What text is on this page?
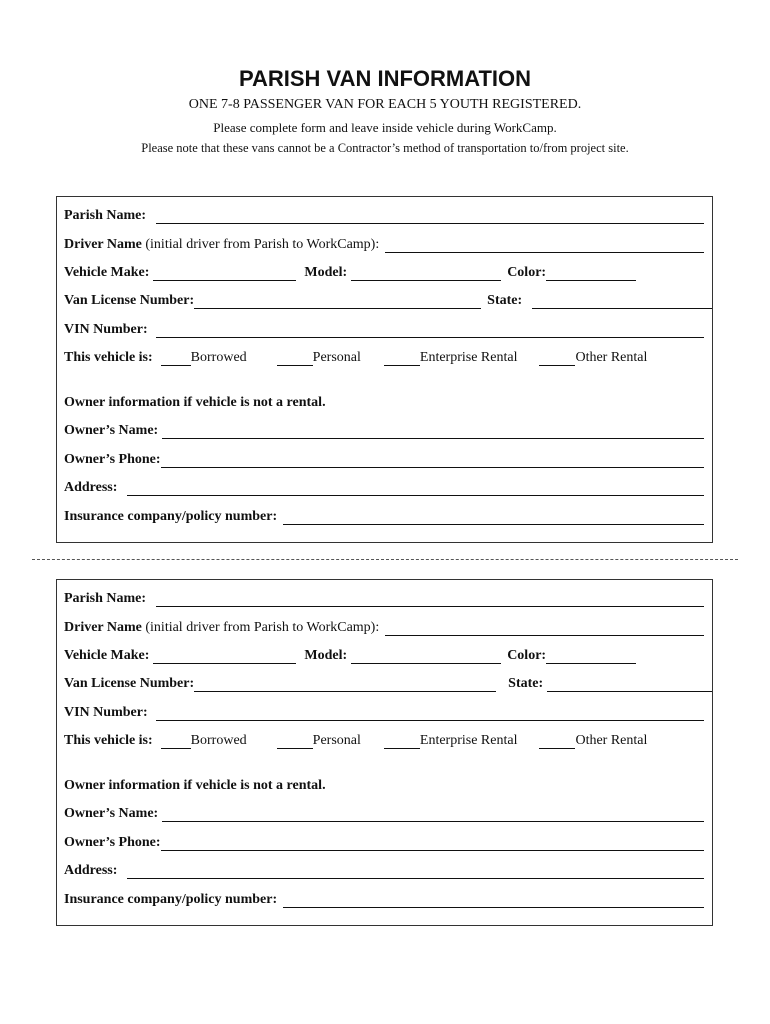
PARISH VAN INFORMATION

ONE 7-8 PASSENGER VAN FOR EACH 5 YOUTH REGISTERED.

Please complete form and leave inside vehicle during WorkCamp.

Please note that these vans cannot be a Contractor’s method of transportation to/from project site.

Parish Name:
Driver Name
(initial driver from Parish to WorkCamp):
Vehicle Make:	Model:	Color:
Van License Number:	State:
VIN Number:
This vehicle is:	Borrowed	Personal	Enterprise Rental	Other Rental
Owner information if vehicle is not a rental.
Owner’s Name:
Owner’s Phone:
Address:
Insurance company/policy number:
Parish Name:
Driver Name
(initial driver from Parish to WorkCamp):
Vehicle Make:	Model:	Color:
Van License Number:	State:
VIN Number:
This vehicle is:	Borrowed	Personal	Enterprise Rental	Other Rental
Owner information if vehicle is not a rental.
Owner’s Name:
Owner’s Phone:
Address:
Insurance company/policy number:
